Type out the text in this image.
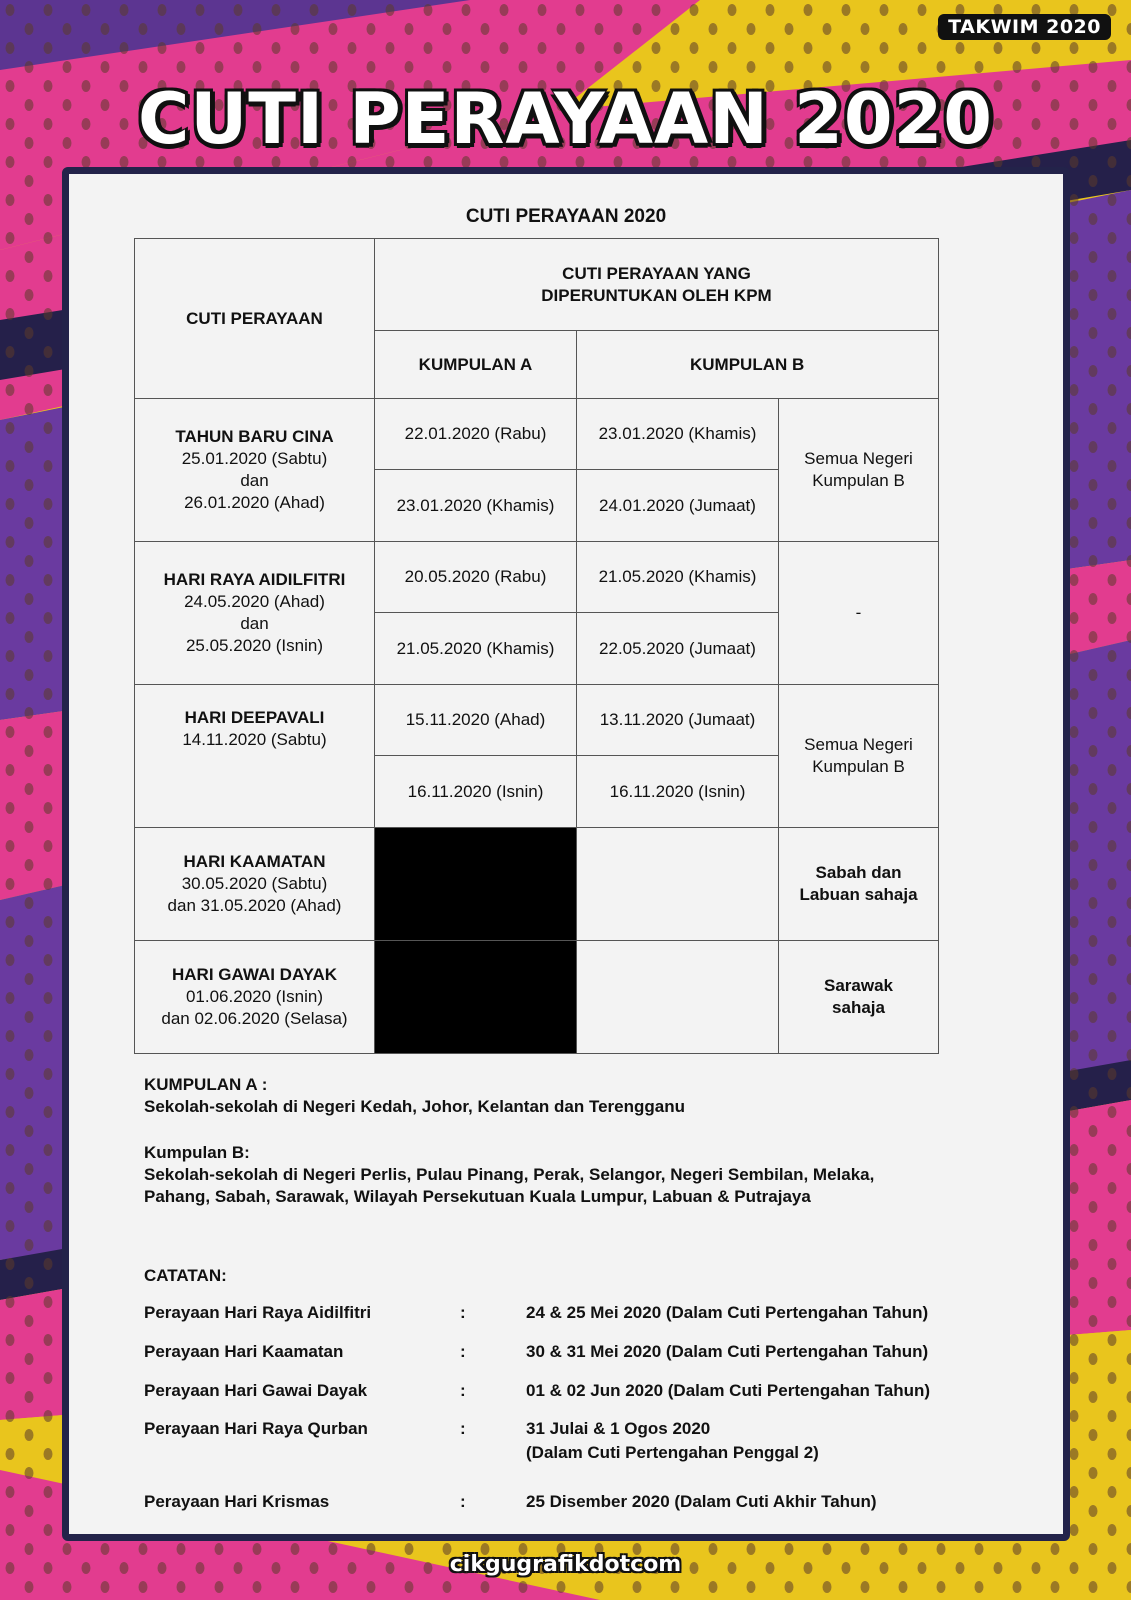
TAKWIM 2020
CUTI PERAYAAN 2020
CUTI PERAYAAN 2020
CUTI PERAYAAN	CUTI PERAYAAN YANG DIPERUNTUKAN OLEH KPM		
	KUMPULAN A	KUMPULAN B	

TAHUN BARU CINA
25.01.2020 (Sabtu)
dan
26.01.2020 (Ahad)	22.01.2020 (Rabu)	23.01.2020 (Khamis)	Semua Negeri Kumpulan B
	23.01.2020 (Khamis)	24.01.2020 (Jumaat)	

HARI RAYA AIDILFITRI
24.05.2020 (Ahad)
dan
25.05.2020 (Isnin)	20.05.2020 (Rabu)	21.05.2020 (Khamis)	-
	21.05.2020 (Khamis)	22.05.2020 (Jumaat)	

HARI DEEPAVALI
14.11.2020 (Sabtu)	15.11.2020 (Ahad)	13.11.2020 (Jumaat)	Semua Negeri Kumpulan B
	16.11.2020 (Isnin)	16.11.2020 (Isnin)	

HARI KAAMATAN
30.05.2020 (Sabtu)
dan 31.05.2020 (Ahad)			Sabah dan Labuan sahaja

HARI GAWAI DAYAK
01.06.2020 (Isnin)
dan 02.06.2020 (Selasa)			Sarawak sahaja

KUMPULAN A :

Sekolah-sekolah di Negeri Kedah, Johor, Kelantan dan Terengganu

Kumpulan B:

Sekolah-sekolah di Negeri Perlis, Pulau Pinang, Perak, Selangor, Negeri Sembilan, Melaka,

Pahang, Sabah, Sarawak, Wilayah Persekutuan Kuala Lumpur, Labuan & Putrajaya

CATATAN:
Perayaan Hari Raya Aidilfitri	:	24 & 25 Mei 2020 (Dalam Cuti Pertengahan Tahun)
Perayaan Hari Kaamatan	:	30 & 31 Mei 2020 (Dalam Cuti Pertengahan Tahun)
Perayaan Hari Gawai Dayak	:	01 & 02 Jun 2020 (Dalam Cuti Pertengahan Tahun)
Perayaan Hari Raya Qurban	:	31 Julai & 1 Ogos 2020
(Dalam Cuti Pertengahan Penggal 2)
Perayaan Hari Krismas	:	25 Disember 2020 (Dalam Cuti Akhir Tahun)
cikgugrafikdotcom
